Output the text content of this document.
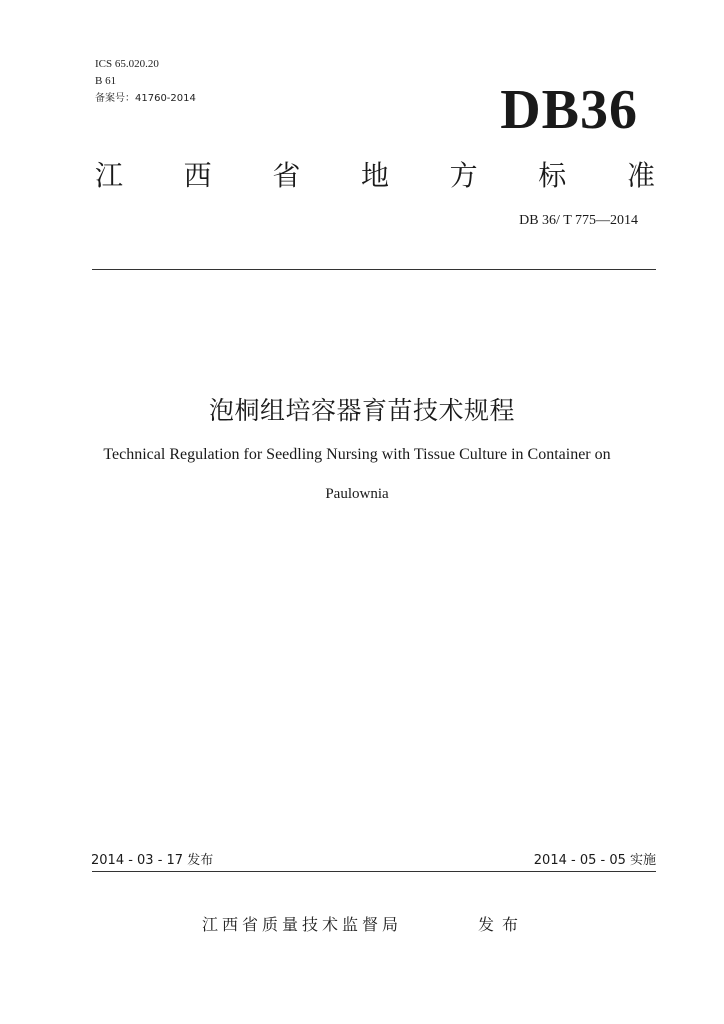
ICS 65.020.20
B 61
备案号：41760-2014	DB36
江 西 省 地 方 标 准
DB 36/ T 775—2014
泡桐组培容器育苗技术规程
Technical Regulation for Seedling Nursing with Tissue Culture in Container on
Paulownia
2014 - 03 - 17 发布	2014 - 05 - 05 实施
江西省质量技术监督局	发布
